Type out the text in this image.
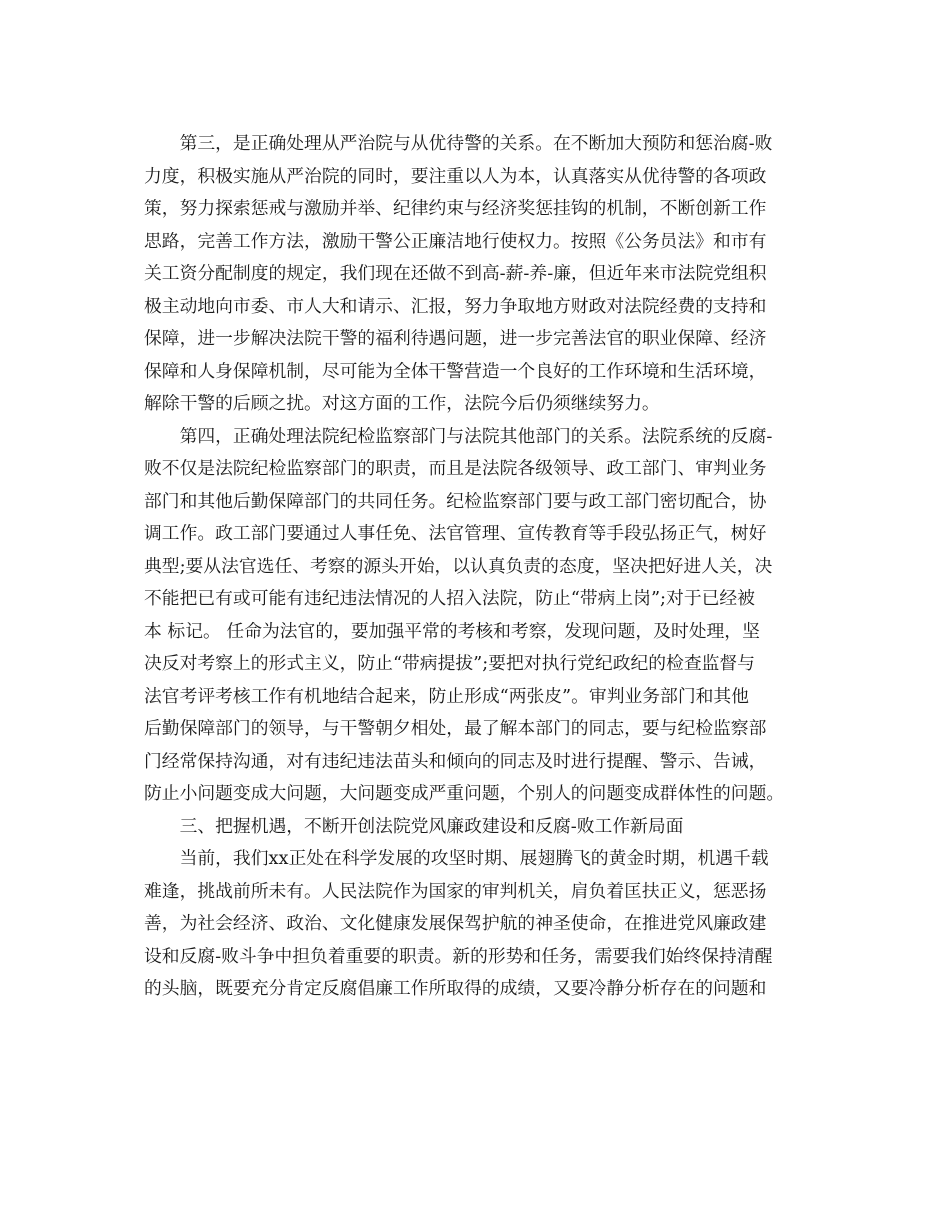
　　第三，是正确处理从严治院与从优待警的关系。在不断加大预防和惩治腐-败
力度，积极实施从严治院的同时，要注重以人为本，认真落实从优待警的各项政
策，努力探索惩戒与激励并举、纪律约束与经济奖惩挂钩的机制，不断创新工作
思路，完善工作方法，激励干警公正廉洁地行使权力。按照《公务员法》和市有
关工资分配制度的规定，我们现在还做不到高-薪-养-廉，但近年来市法院党组积
极主动地向市委、市人大和请示、汇报，努力争取地方财政对法院经费的支持和
保障，进一步解决法院干警的福利待遇问题，进一步完善法官的职业保障、经济
保障和人身保障机制，尽可能为全体干警营造一个良好的工作环境和生活环境，
解除干警的后顾之扰。对这方面的工作，法院今后仍须继续努力。
　　第四，正确处理法院纪检监察部门与法院其他部门的关系。法院系统的反腐-
败不仅是法院纪检监察部门的职责，而且是法院各级领导、政工部门、审判业务
部门和其他后勤保障部门的共同任务。纪检监察部门要与政工部门密切配合，协
调工作。政工部门要通过人事任免、法官管理、宣传教育等手段弘扬正气，树好
典型;要从法官选任、考察的源头开始，以认真负责的态度，坚决把好进人关，决
不能把已有或可能有违纪违法情况的人招入法院，防止“带病上岗”;对于已经被
本 标记。 任命为法官的，要加强平常的考核和考察，发现问题，及时处理，坚
决反对考察上的形式主义，防止“带病提拔”;要把对执行党纪政纪的检查监督与
法官考评考核工作有机地结合起来，防止形成“两张皮”。审判业务部门和其他
后勤保障部门的领导，与干警朝夕相处，最了解本部门的同志，要与纪检监察部
门经常保持沟通，对有违纪违法苗头和倾向的同志及时进行提醒、警示、告诫，
防止小问题变成大问题，大问题变成严重问题，个别人的问题变成群体性的问题。
　　三、把握机遇，不断开创法院党风廉政建设和反腐-败工作新局面
　　当前，我们xx正处在科学发展的攻坚时期、展翅腾飞的黄金时期，机遇千载
难逢，挑战前所未有。人民法院作为国家的审判机关，肩负着匡扶正义，惩恶扬
善，为社会经济、政治、文化健康发展保驾护航的神圣使命，在推进党风廉政建
设和反腐-败斗争中担负着重要的职责。新的形势和任务，需要我们始终保持清醒
的头脑，既要充分肯定反腐倡廉工作所取得的成绩，又要冷静分析存在的问题和
